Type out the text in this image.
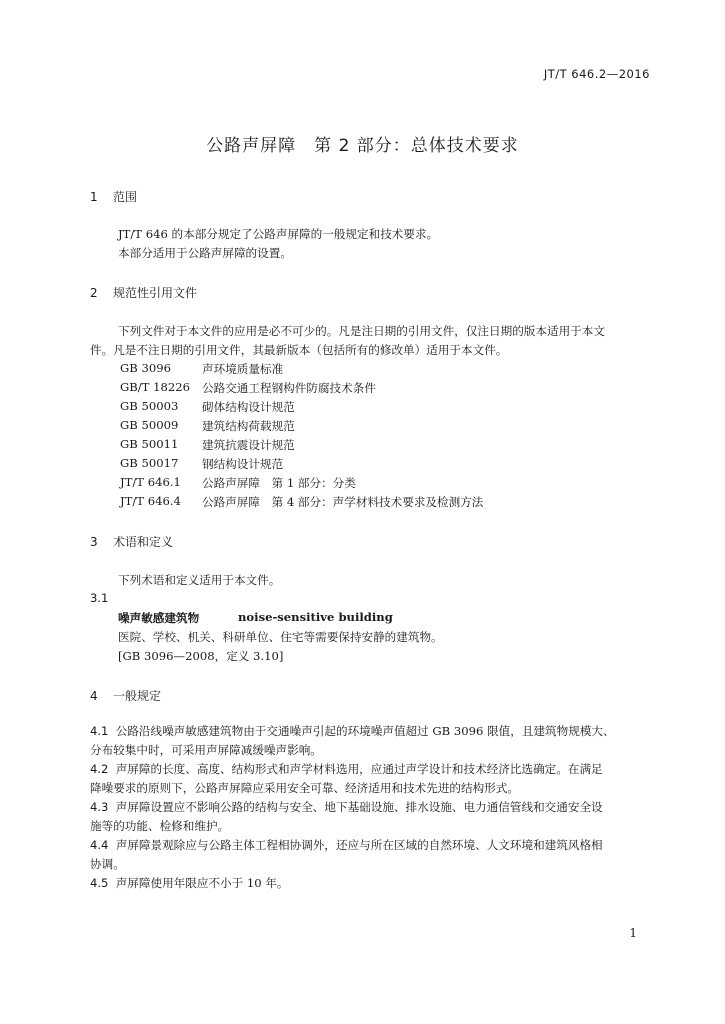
JT/T 646.2—2016
公路声屏障　第 2 部分：总体技术要求
1 范围
JT/T 646 的本部分规定了公路声屏障的一般规定和技术要求。
本部分适用于公路声屏障的设置。
2 规范性引用文件
下列文件对于本文件的应用是必不可少的。凡是注日期的引用文件，仅注日期的版本适用于本文
件。凡是不注日期的引用文件，其最新版本（包括所有的修改单）适用于本文件。
GB 3096	声环境质量标准
GB/T 18226 公路交通工程钢构件防腐技术条件
GB 50003 砌体结构设计规范
GB 50009 建筑结构荷载规范
GB 50011 建筑抗震设计规范
GB 50017 钢结构设计规范
JT/T 646.1 公路声屏障　第 1 部分：分类
JT/T 646.4 公路声屏障　第 4 部分：声学材料技术要求及检测方法
3 术语和定义
下列术语和定义适用于本文件。
3.1
噪声敏感建筑物	noise-sensitive building
医院、学校、机关、科研单位、住宅等需要保持安静的建筑物。
[GB 3096—2008，定义 3.10]
4 一般规定
4.1 公路沿线噪声敏感建筑物由于交通噪声引起的环境噪声值超过 GB 3096 限值，且建筑物规模大、
分布较集中时，可采用声屏障减缓噪声影响。
4.2 声屏障的长度、高度、结构形式和声学材料选用，应通过声学设计和技术经济比选确定。在满足
降噪要求的原则下，公路声屏障应采用安全可靠、经济适用和技术先进的结构形式。
4.3 声屏障设置应不影响公路的结构与安全、地下基础设施、排水设施、电力通信管线和交通安全设
施等的功能、检修和维护。
4.4 声屏障景观除应与公路主体工程相协调外，还应与所在区域的自然环境、人文环境和建筑风格相
协调。
4.5 声屏障使用年限应不小于 10 年。
1
